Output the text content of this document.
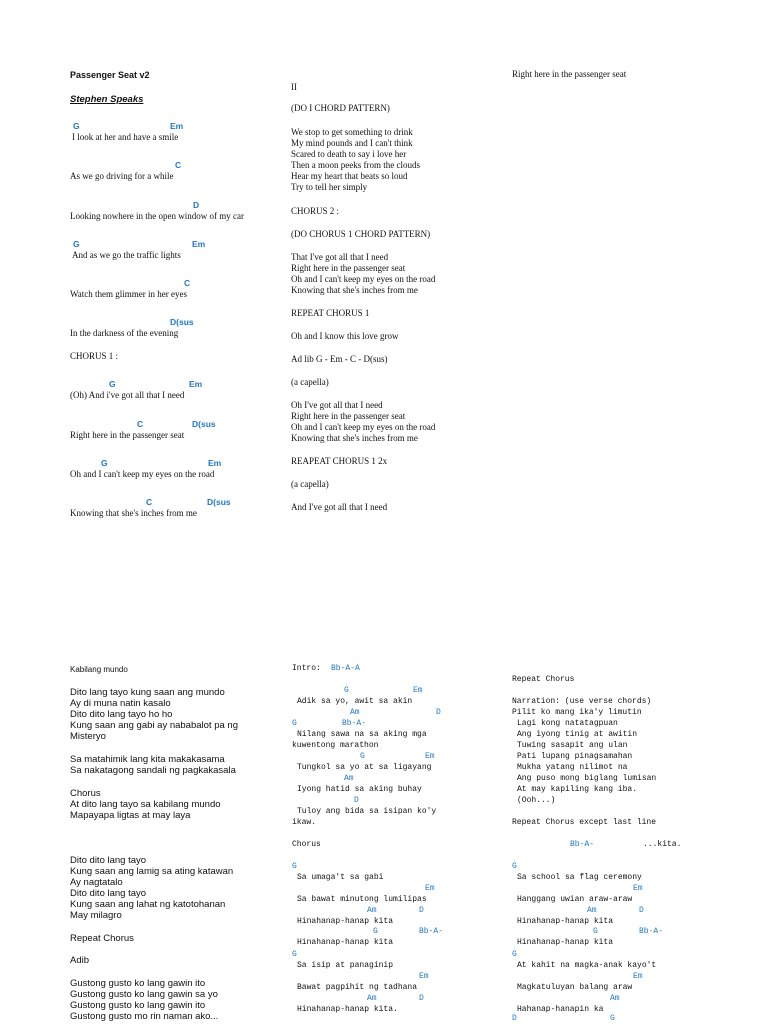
Passenger Seat v2
Stephen Speaks
G	Em
I look at her and have a smile
C
As we go driving for a while
D
Looking nowhere in the open window of my car
G	Em
And as we go the traffic lights
C
Watch them glimmer in her eyes
D(sus
In the darkness of the evening
CHORUS 1 :
G	Em
(Oh) And i've got all that I need
C	D(sus
Right here in the passenger seat
G	Em
Oh and I can't keep my eyes on the road
C	D(sus
Knowing that she's inches from me
II
(DO I CHORD PATTERN)
We stop to get something to drink
My mind pounds and I can't think
Scared to death to say i love her
Then a moon peeks from the clouds
Hear my heart that beats so loud
Try to tell her simply
CHORUS 2 :
(DO CHORUS 1 CHORD PATTERN)
That I've got all that I need
Right here in the passenger seat
Oh and I can't keep my eyes on the road
Knowing that she's inches from me
REPEAT CHORUS 1
Oh and I know this love grow
Ad lib G - Em - C - D(sus)
(a capella)
Oh I've got all that I need
Right here in the passenger seat
Oh and I can't keep my eyes on the road
Knowing that she's inches from me
REAPEAT CHORUS 1 2x
(a capella)
And I've got all that I need
Right here in the passenger seat
Kabilang mundo
Dito lang tayo kung saan ang mundo
Ay di muna natin kasalo
Dito dito lang tayo ho ho
Kung saan ang gabi ay nababalot pa ng
Misteryo
Sa matahimik lang kita makakasama
Sa nakatagong sandali ng pagkakasala
Chorus
At dito lang tayo sa kabilang mundo
Mapayapa ligtas at may laya
Dito dito lang tayo
Kung saan ang lamig sa ating katawan
Ay nagtatalo
Dito dito lang tayo
Kung saan ang lahat ng katotohanan
May milagro
Repeat Chorus
Adib
Gustong gusto ko lang gawin ito
Gustong gusto ko lang gawin sa yo
Gustong gusto ko lang gawin ito
Gustong gusto mo rin naman ako...
Intro: Bb-A-A
G	Em
Adik sa yo, awit sa akin
Am	D
G	Bb-A-
Nilang sawa na sa aking mga
kuwentong marathon
G	Em
Tungkol sa yo at sa ligayang
Am
Iyong hatid sa aking buhay
D
Tuloy ang bida sa isipan ko'y
ikaw.
Chorus
G
Sa umaga't sa gabi
Em
Sa bawat minutong lumilipas
Am	D
Hinahanap-hanap kita
G	Bb-A-
Hinahanap-hanap kita
G
Sa isip at panaginip
Em
Bawat pagpihit ng tadhana
Am	D
Hinahanap-hanap kita.
Repeat Chorus
Narration: (use verse chords)
Pilit ko mang ika'y limutin
Lagi kong natatagpuan
Ang iyong tinig at awitin
Tuwing sasapit ang ulan
Pati lupang pinagsamahan
Mukha yatang nilimot na
Ang puso mong biglang lumisan
At may kapiling kang iba.
(Ooh...)
Repeat Chorus except last line
Bb-A-	...kita.
G
Sa school sa flag ceremony
Em
Hanggang uwian araw-araw
Am	D
Hinahanap-hanap kita
G	Bb-A-
Hinahanap-hanap kita
G
At kahit na magka-anak kayo't
Em
Magkatuluyan balang araw
Am
Hahanap-hanapin ka
D	G
